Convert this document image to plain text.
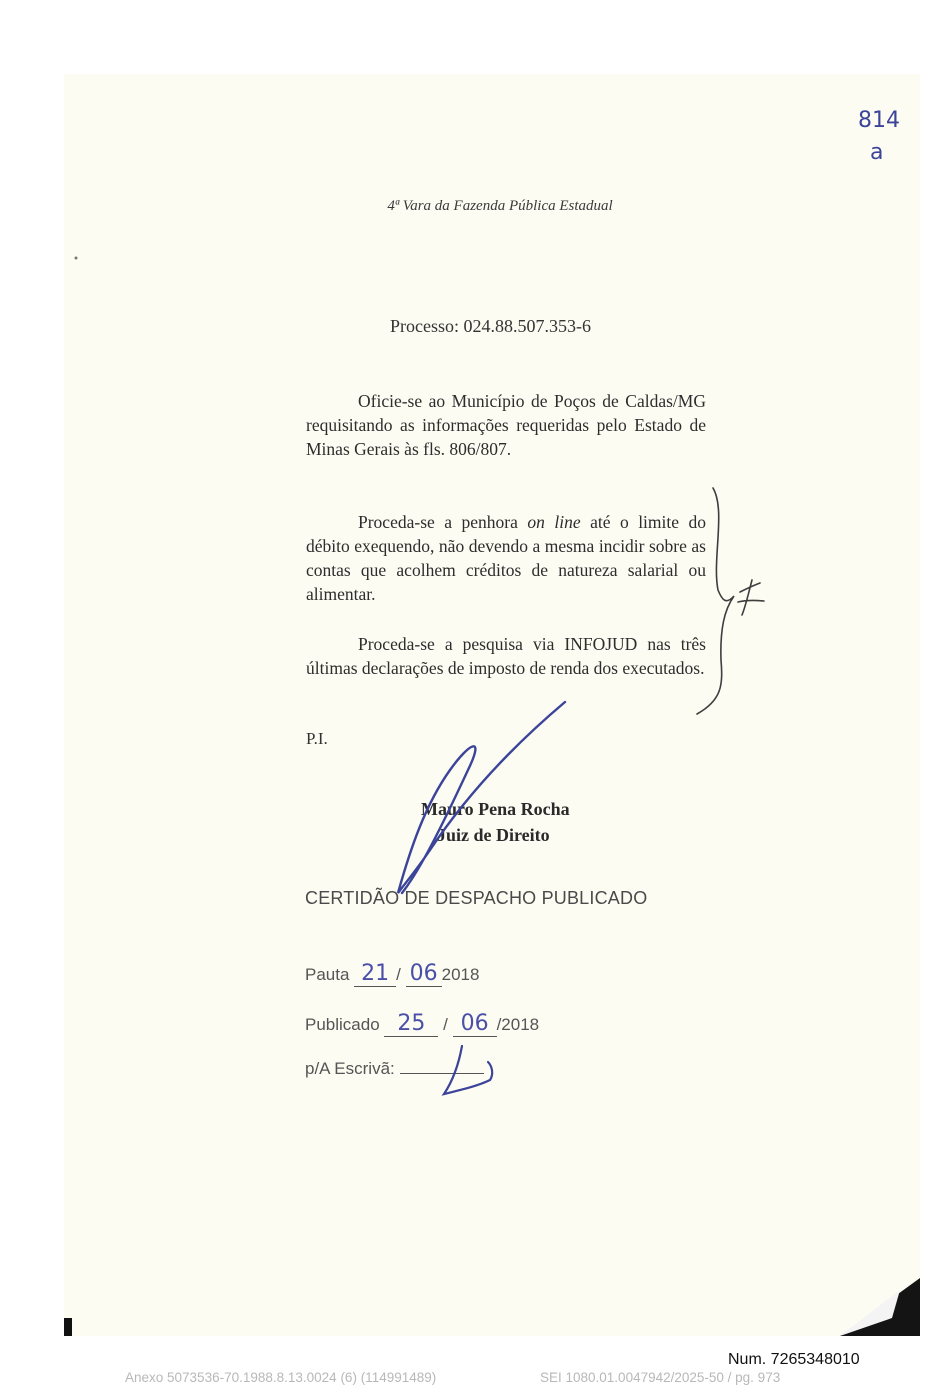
814
a
4ª Vara da Fazenda Pública Estadual
Processo: 024.88.507.353-6

Oficie-se ao Município de Poços de Caldas/MG requisitando as informações requeridas pelo Estado de Minas Gerais às fls. 806/807.

Proceda-se a penhora on line até o limite do débito exequendo, não devendo a mesma incidir sobre as contas que acolhem créditos de natureza salarial ou alimentar.

Proceda-se a pesquisa via INFOJUD nas três últimas declarações de imposto de renda dos executados.

P.I.
Mauro Pena Rocha
Juiz de Direito
CERTIDÃO DE DESPACHO PUBLICADO
Pauta 21 / 06 2018
Publicado 25 / 06 /2018
p/A Escrivã:
Num. 7265348010
Anexo 5073536-70.1988.8.13.0024 (6) (114991489)	SEI 1080.01.0047942/2025-50 / pg. 973
